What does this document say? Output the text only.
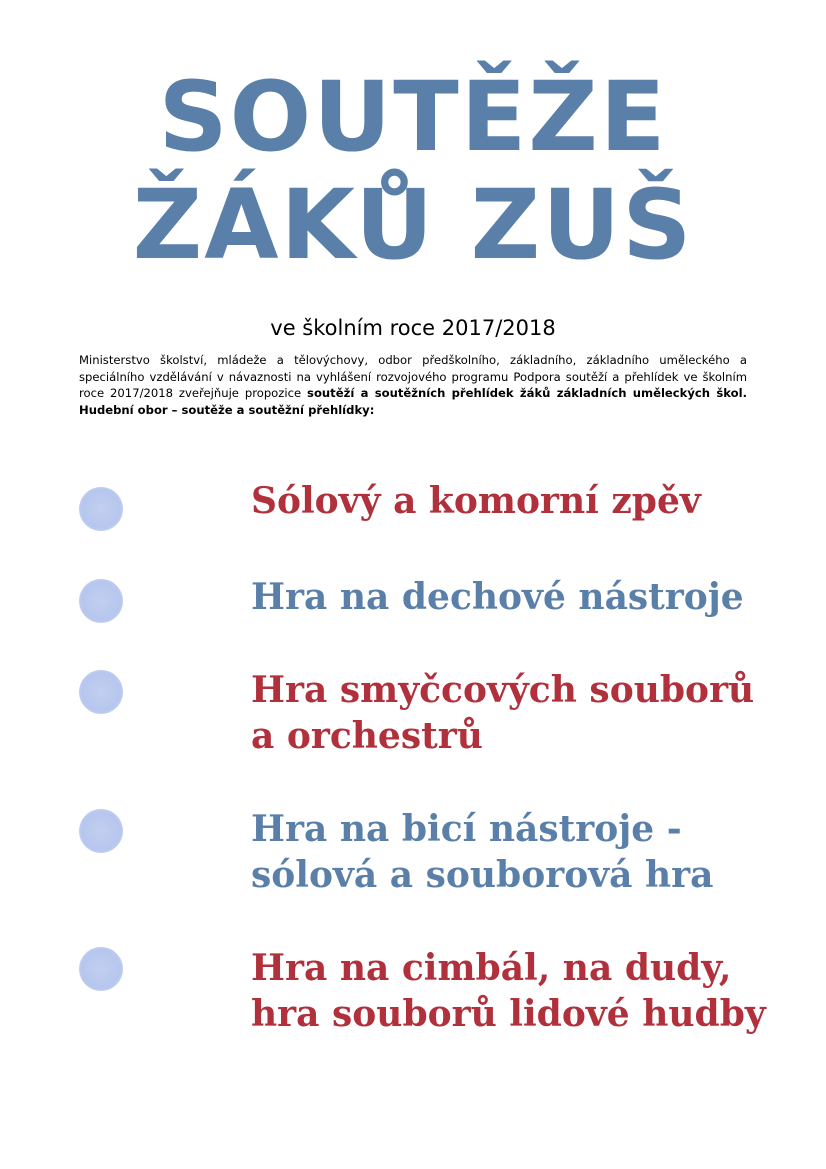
SOUTĚŽE
ŽÁKŮ ZUŠ
ve školním roce 2017/2018

Ministerstvo školství, mládeže a tělovýchovy, odbor předškolního, základního, základního uměleckého a speciálního vzdělávání v návaznosti na vyhlášení rozvojového programu Podpora soutěží a přehlídek ve školním roce 2017/2018 zveřejňuje propozice soutěží a soutěžních přehlídek žáků základních uměleckých škol. Hudební obor – soutěže a soutěžní přehlídky:

Sólový a komorní zpěv

Hra na dechové nástroje

Hra smyčcových souborů
a orchestrů

Hra na bicí nástroje -
sólová a souborová hra

Hra na cimbál, na dudy,
hra souborů lidové hudby
